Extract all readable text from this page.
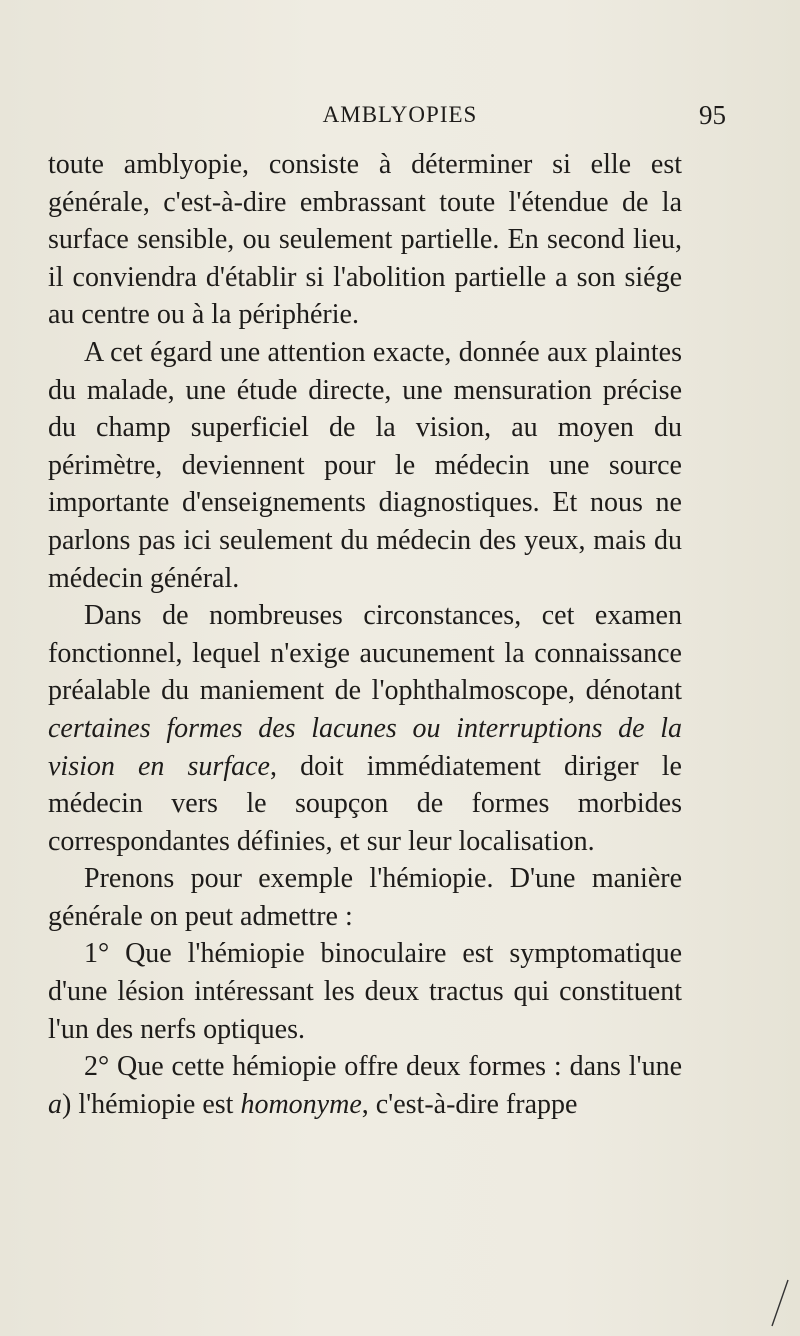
AMBLYOPIES	95

toute amblyopie, consiste à déterminer si elle est générale, c'est-à-dire embrassant toute l'étendue de la surface sensible, ou seulement partielle. En second lieu, il conviendra d'établir si l'abolition partielle a son siége au centre ou à la périphérie.

A cet égard une attention exacte, donnée aux plaintes du malade, une étude directe, une mensuration précise du champ superficiel de la vision, au moyen du périmètre, deviennent pour le médecin une source importante d'enseignements diagnostiques. Et nous ne parlons pas ici seulement du médecin des yeux, mais du médecin général.

Dans de nombreuses circonstances, cet examen fonctionnel, lequel n'exige aucunement la connaissance préalable du maniement de l'ophthalmoscope, dénotant certaines formes des lacunes ou interruptions de la vision en surface, doit immédiatement diriger le médecin vers le soupçon de formes morbides correspondantes définies, et sur leur localisation.

Prenons pour exemple l'hémiopie. D'une manière générale on peut admettre :

1° Que l'hémiopie binoculaire est symptomatique d'une lésion intéressant les deux tractus qui constituent l'un des nerfs optiques.

2° Que cette hémiopie offre deux formes : dans l'une a) l'hémiopie est homonyme, c'est-à-dire frappe
